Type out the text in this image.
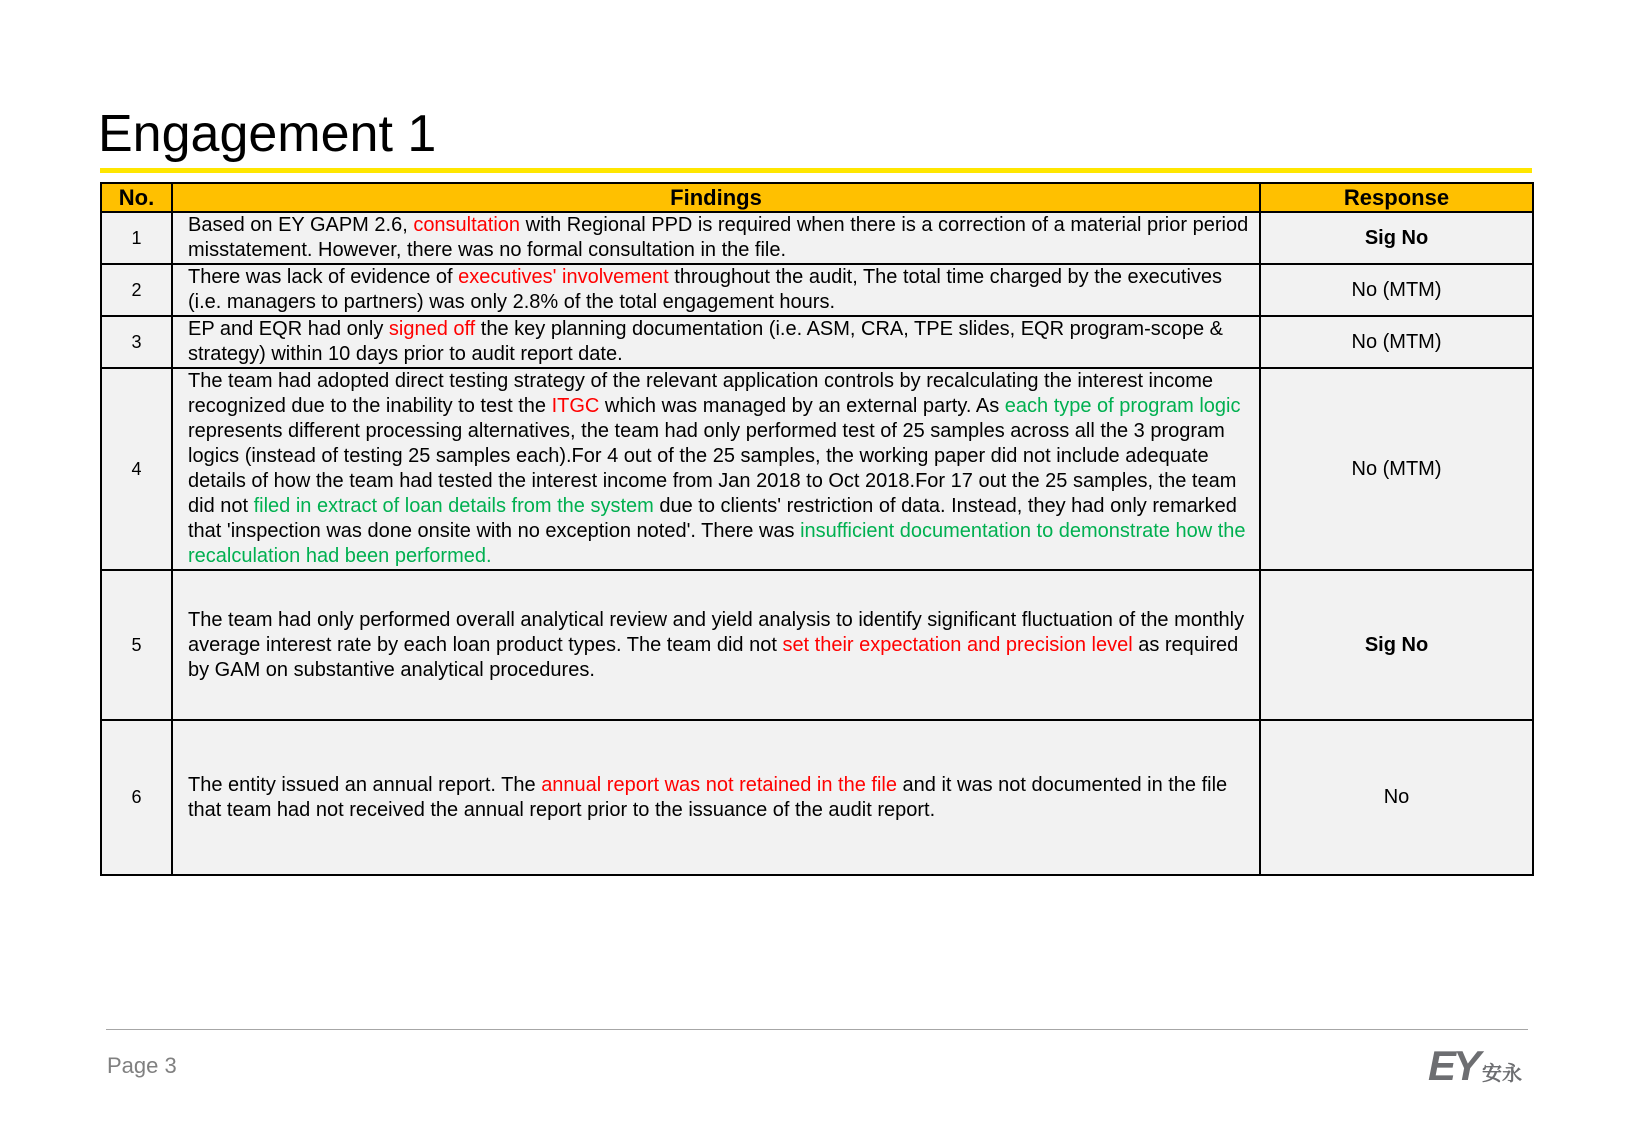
Engagement 1
No.	Findings	Response
1	Based on EY GAPM 2.6, consultation with Regional PPD is required when there is a correction of a material prior period misstatement. However, there was no formal consultation in the file.	Sig No
2	There was lack of evidence of executives' involvement throughout the audit, The total time charged by the executives (i.e. managers to partners) was only 2.8% of the total engagement hours.	No (MTM)
3	EP and EQR had only signed off the key planning documentation (i.e. ASM, CRA, TPE slides, EQR program-scope & strategy) within 10 days prior to audit report date.	No (MTM)
4	The team had adopted direct testing strategy of the relevant application controls by recalculating the interest income recognized due to the inability to test the ITGC which was managed by an external party. As each type of program logic represents different processing alternatives, the team had only performed test of 25 samples across all the 3 program logics (instead of testing 25 samples each).For 4 out of the 25 samples, the working paper did not include adequate details of how the team had tested the interest income from Jan 2018 to Oct 2018.For 17 out the 25 samples, the team did not filed in extract of loan details from the system due to clients' restriction of data. Instead, they had only remarked that 'inspection was done onsite with no exception noted'. There was insufficient documentation to demonstrate how the recalculation had been performed.	No (MTM)
5	The team had only performed overall analytical review and yield analysis to identify significant fluctuation of the monthly average interest rate by each loan product types. The team did not set their expectation and precision level as required by GAM on substantive analytical procedures.	Sig No
6	The entity issued an annual report. The annual report was not retained in the file and it was not documented in the file that team had not received the annual report prior to the issuance of the audit report.	No
Page 3	EY 安永
